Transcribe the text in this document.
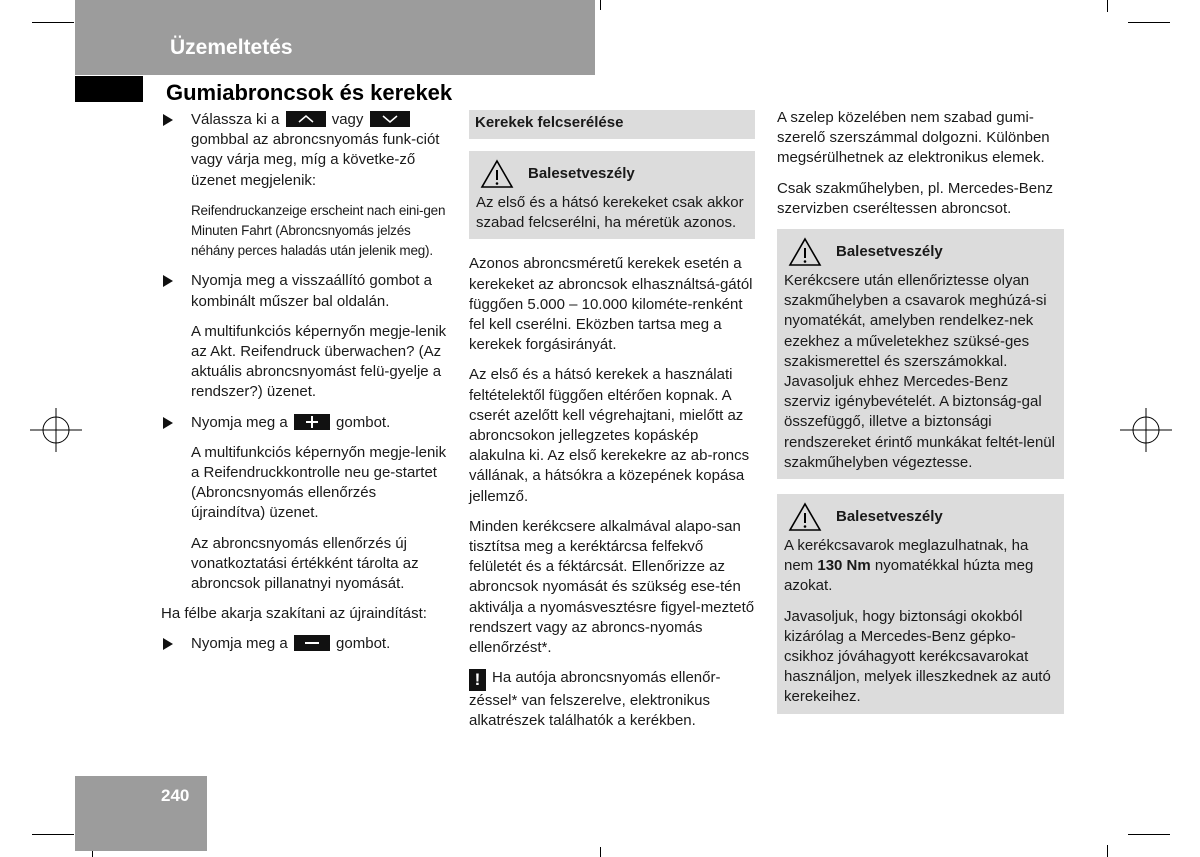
Üzemeltetés
Gumiabroncsok és kerekek
Válassza ki a	vagy
gombbal az abroncsnyomás funk-ciót vagy várja meg, míg a követke-ző üzenet megjelenik:

Reifendruckanzeige erscheint nach eini-gen Minuten Fahrt (Abroncsnyomás jelzés néhány perces haladás után jelenik meg).

Nyomja meg a visszaállító gombot a kombinált műszer bal oldalán.

A multifunkciós képernyőn megje-lenik az Akt. Reifendruck überwachen? (Az aktuális abroncsnyomást felü-gyelje a rendszer?) üzenet.

Nyomja meg a	gombot.

A multifunkciós képernyőn megje-lenik a Reifendruckkontrolle neu ge-startet (Abroncsnyomás ellenőrzés újraindítva) üzenet.

Az abroncsnyomás ellenőrzés új vonatkoztatási értékként tárolta az abroncsok pillanatnyi nyomását.

Ha félbe akarja szakítani az újraindítást:

Nyomja meg a	gombot.
Kerekek felcserélése
Balesetveszély

Az első és a hátsó kerekeket csak akkor szabad felcserélni, ha méretük azonos.

Azonos abroncsméretű kerekek esetén a kerekeket az abroncsok elhasználtsá-gától függően 5.000 – 10.000 kilométe-renként fel kell cserélni. Eközben tartsa meg a kerekek forgásirányát.

Az első és a hátsó kerekek a használati feltételektől függően eltérően kopnak. A cserét azelőtt kell végrehajtani, mielőtt az abroncsokon jellegzetes kopáskép alakulna ki. Az első kerekekre az ab-roncs vállának, a hátsókra a közepének kopása jellemző.

Minden kerékcsere alkalmával alapo-san tisztítsa meg a keréktárcsa felfekvő felületét és a féktárcsát. Ellenőrizze az abroncsok nyomását és szükség ese-tén aktiválja a nyomásvesztésre figyel-meztető rendszert vagy az abroncs-nyomás ellenőrzést*.

! Ha autója abroncsnyomás ellenőr-zéssel* van felszerelve, elektronikus alkatrészek találhatók a kerékben.

A szelep közelében nem szabad gumi-szerelő szerszámmal dolgozni. Különben megsérülhetnek az elektronikus elemek.

Csak szakműhelyben, pl. Mercedes-Benz szervizben cseréltessen abroncsot.

Balesetveszély

Kerékcsere után ellenőriztesse olyan szakműhelyben a csavarok meghúzá-si nyomatékát, amelyben rendelkez-nek ezekhez a műveletekhez szüksé-ges szakismerettel és szerszámokkal. Javasoljuk ehhez Mercedes-Benz szerviz igénybevételét. A biztonság-gal összefüggő, illetve a biztonsági rendszereket érintő munkákat feltét-lenül szakműhelyben végeztesse.

Balesetveszély

A kerékcsavarok meglazulhatnak, ha nem 130 Nm nyomatékkal húzta meg azokat.

Javasoljuk, hogy biztonsági okokból kizárólag a Mercedes-Benz gépko-csikhoz jóváhagyott kerékcsavarokat használjon, melyek illeszkednek az autó kerekeihez.

240
